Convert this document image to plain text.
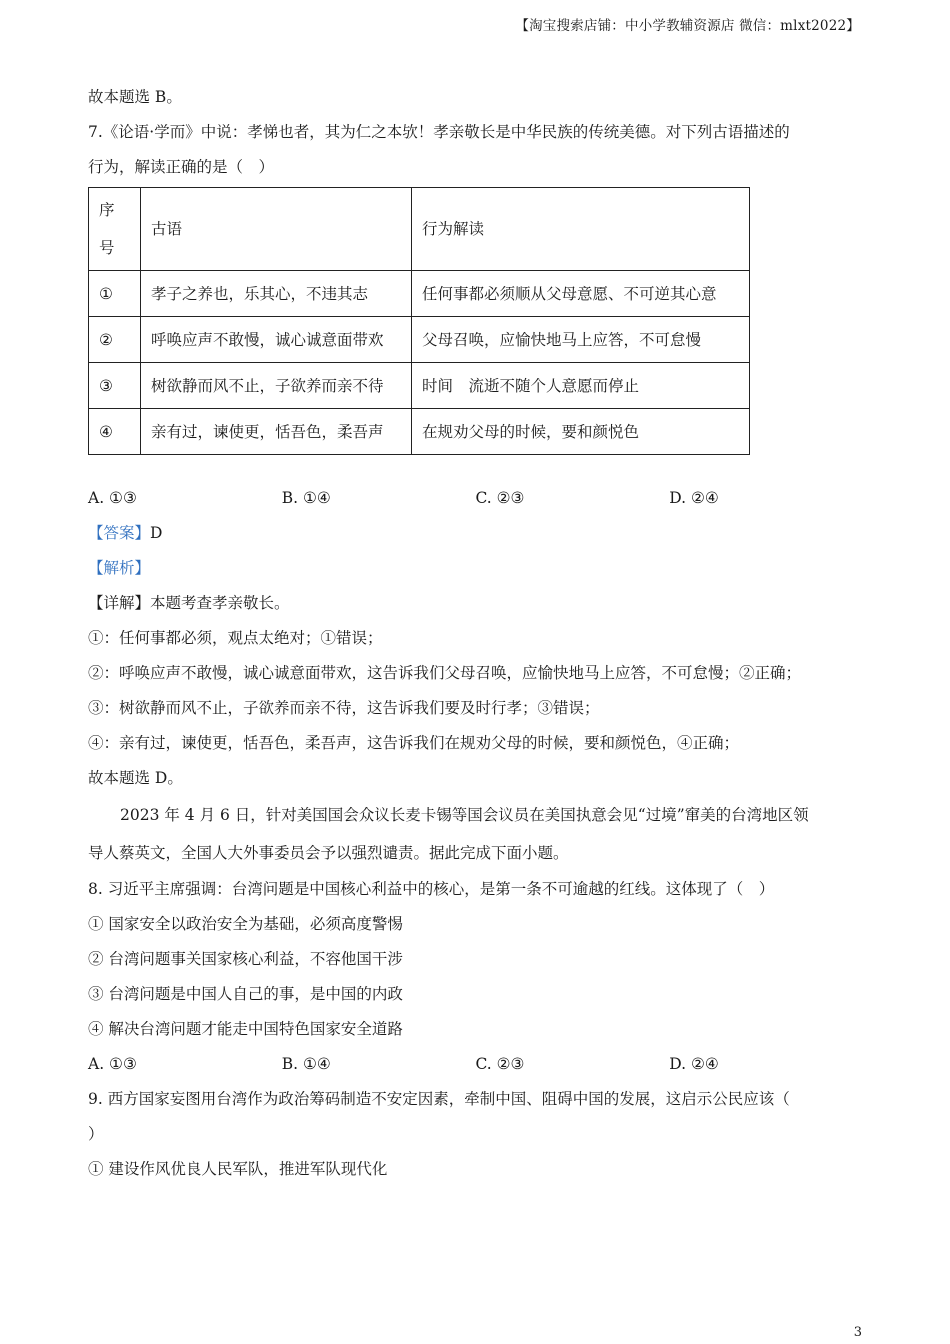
【淘宝搜索店铺：中小学教辅资源店 微信：mlxt2022】
故本题选 B。
7.《论语·学而》中说：孝悌也者，其为仁之本欤！孝亲敬长是中华民族的传统美德。对下列古语描述的
行为，解读正确的是（　）
序
号	古语	行为解读
①	孝子之养也，乐其心，不违其志	任何事都必须顺从父母意愿、不可逆其心意
②	呼唤应声不敢慢，诚心诚意面带欢	父母召唤，应愉快地马上应答，不可怠慢
③	树欲静而风不止，子欲养而亲不待	时间　流逝不随个人意愿而停止
④	亲有过，谏使更，恬吾色，柔吾声	在规劝父母的时候，要和颜悦色
A. ①③	B. ①④	C. ②③	D. ②④
【答案】D
【解析】
【详解】本题考查孝亲敬长。
①：任何事都必须，观点太绝对；①错误；
②：呼唤应声不敢慢，诚心诚意面带欢，这告诉我们父母召唤，应愉快地马上应答，不可怠慢；②正确；
③：树欲静而风不止，子欲养而亲不待，这告诉我们要及时行孝；③错误；
④：亲有过，谏使更，恬吾色，柔吾声，这告诉我们在规劝父母的时候，要和颜悦色，④正确；
故本题选 D。
2023 年 4 月 6 日，针对美国国会众议长麦卡锡等国会议员在美国执意会见“过境”窜美的台湾地区领
导人蔡英文，全国人大外事委员会予以强烈谴责。据此完成下面小题。
8. 习近平主席强调：台湾问题是中国核心利益中的核心，是第一条不可逾越的红线。这体现了（　）
① 国家安全以政治安全为基础，必须高度警惕
② 台湾问题事关国家核心利益，不容他国干涉
③ 台湾问题是中国人自己的事，是中国的内政
④ 解决台湾问题才能走中国特色国家安全道路
A. ①③	B. ①④	C. ②③	D. ②④
9. 西方国家妄图用台湾作为政治筹码制造不安定因素，牵制中国、阻碍中国的发展，这启示公民应该（
）
① 建设作风优良人民军队，推进军队现代化
3
